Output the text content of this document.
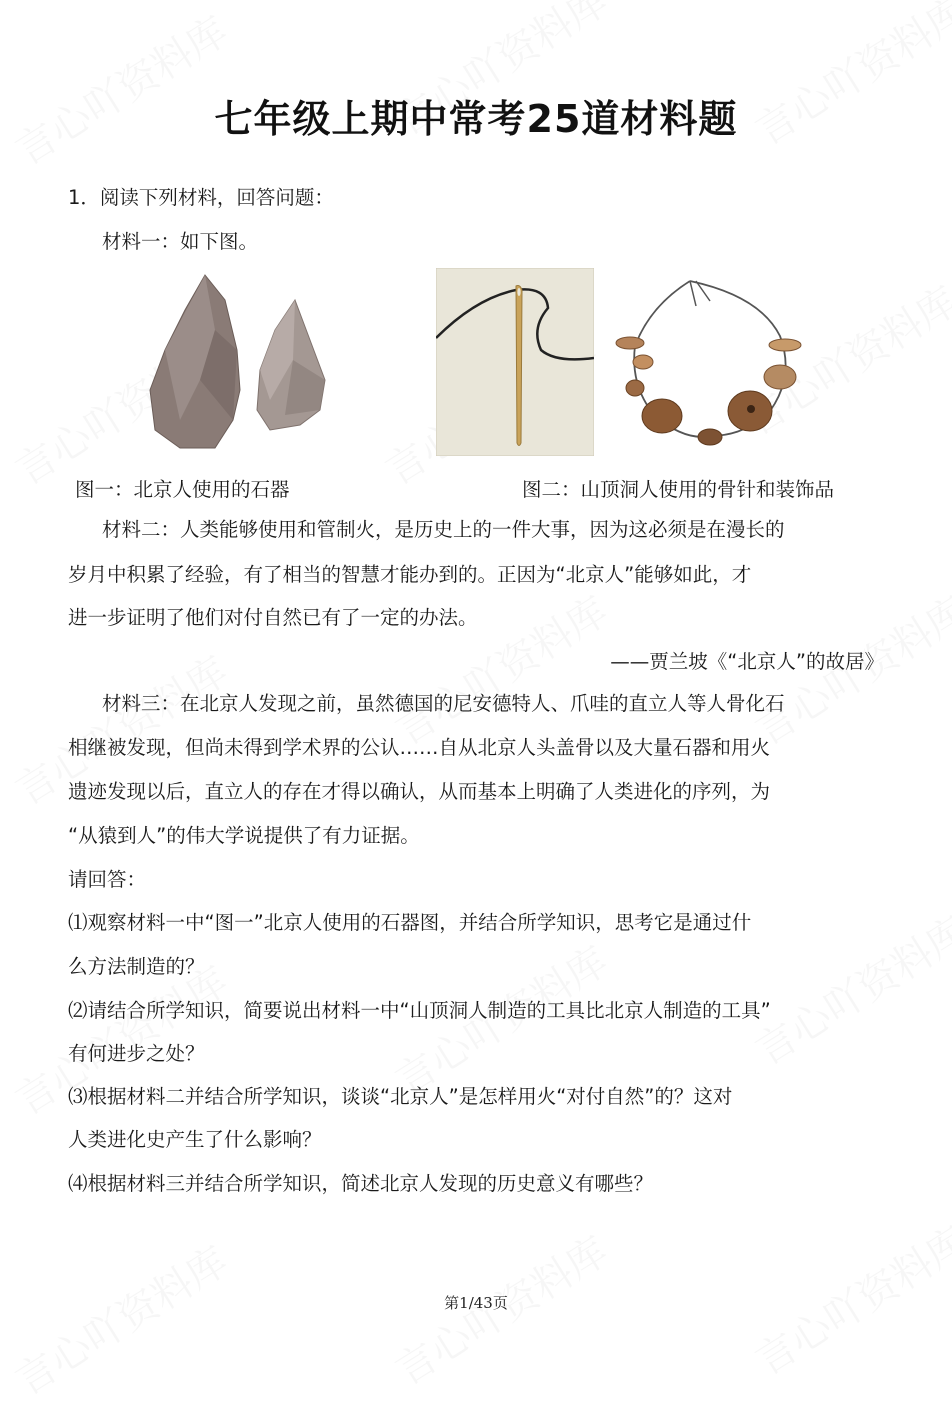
七年级上期中常考25道材料题
1．阅读下列材料，回答问题：
材料一：如下图。
图一：北京人使用的石器	图二：山顶洞人使用的骨针和装饰品
材料二：人类能够使用和管制火，是历史上的一件大事，因为这必须是在漫长的
岁月中积累了经验，有了相当的智慧才能办到的。正因为“北京人”能够如此，才
进一步证明了他们对付自然已有了一定的办法。
——贾兰坡《“北京人”的故居》
材料三：在北京人发现之前，虽然德国的尼安德特人、爪哇的直立人等人骨化石
相继被发现，但尚未得到学术界的公认……自从北京人头盖骨以及大量石器和用火
遗迹发现以后，直立人的存在才得以确认，从而基本上明确了人类进化的序列，为
“从猿到人”的伟大学说提供了有力证据。
请回答：
⑴观察材料一中“图一”北京人使用的石器图，并结合所学知识，思考它是通过什
么方法制造的？
⑵请结合所学知识，简要说出材料一中“山顶洞人制造的工具比北京人制造的工具”
有何进步之处？
⑶根据材料二并结合所学知识，谈谈“北京人”是怎样用火“对付自然”的？这对
人类进化史产生了什么影响？
⑷根据材料三并结合所学知识，简述北京人发现的历史意义有哪些？
第1/43页
